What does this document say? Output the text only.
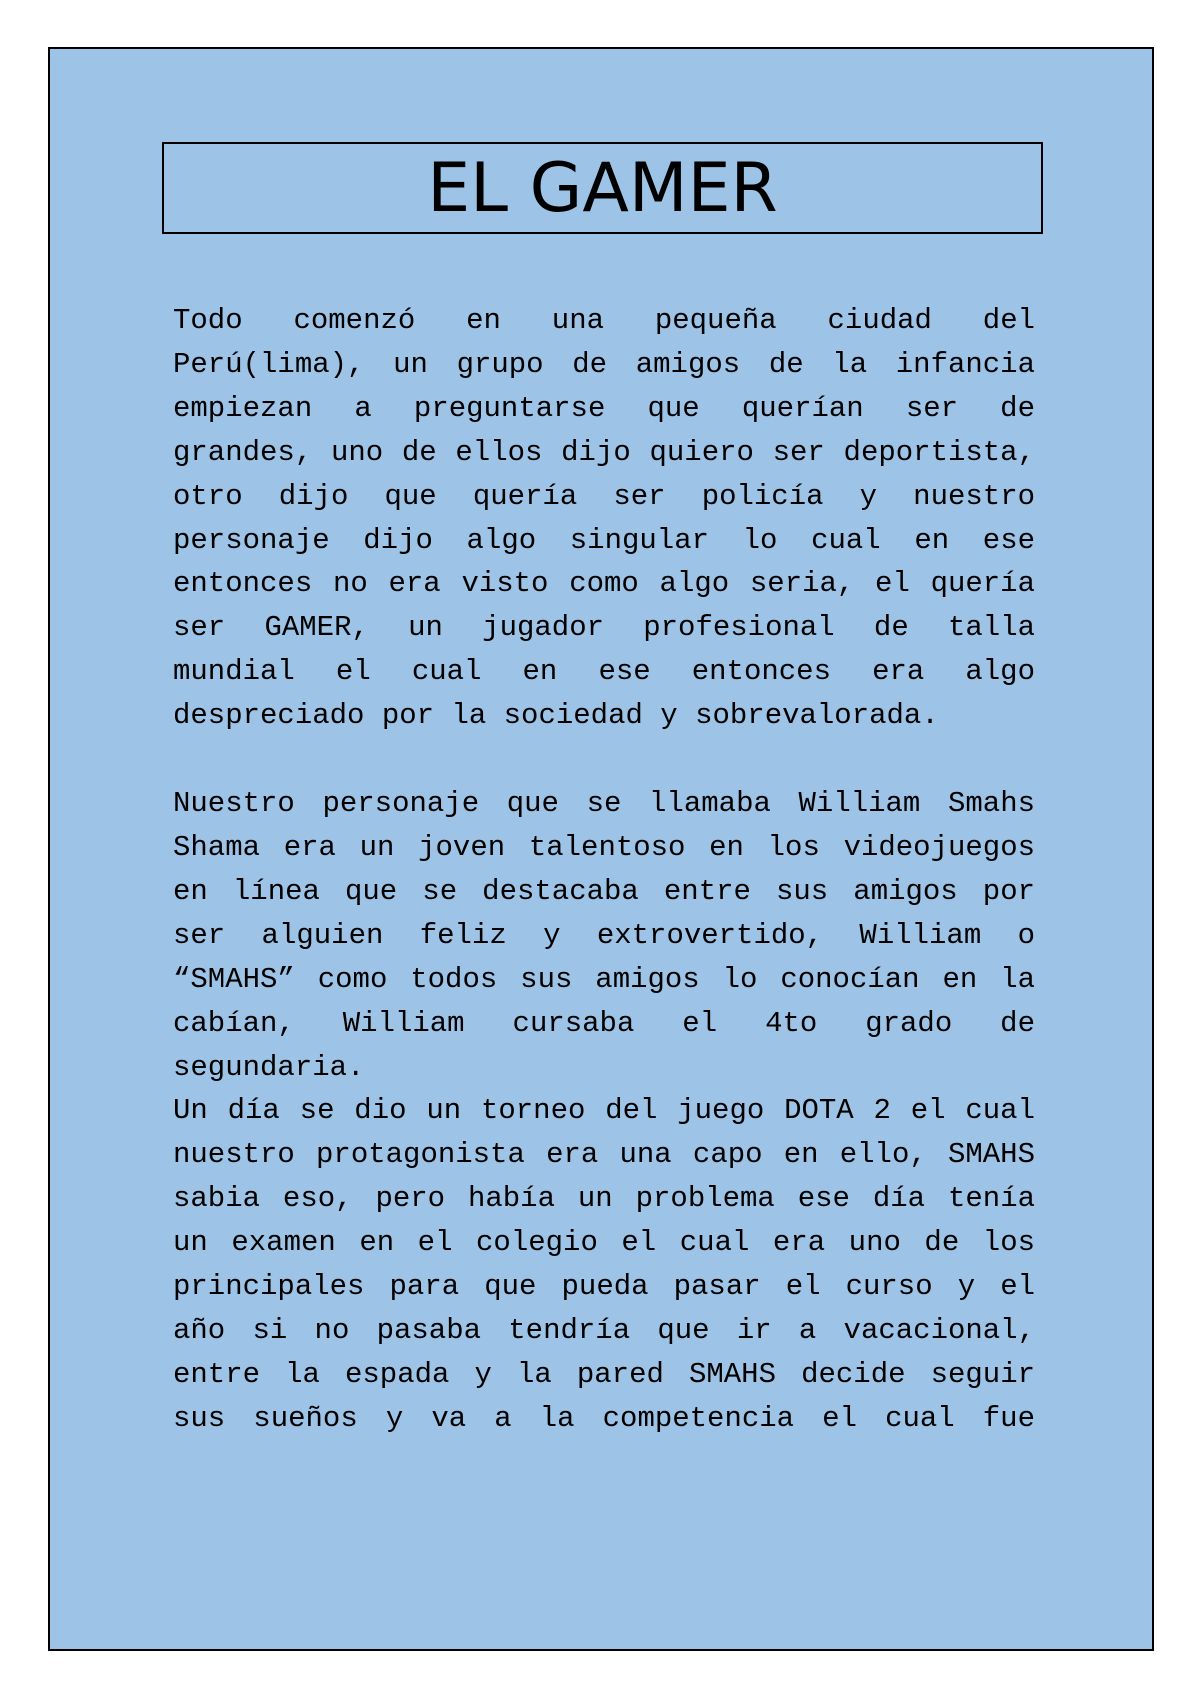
EL GAMER

Todo comenzó en una pequeña ciudad del Perú(lima), un grupo de amigos de la infancia empiezan a preguntarse que querían ser de grandes, uno de ellos dijo quiero ser deportista, otro dijo que quería ser policía y nuestro personaje dijo algo singular lo cual en ese entonces no era visto como algo seria, el quería ser GAMER, un jugador profesional de talla mundial el cual en ese entonces era algo despreciado por la sociedad y sobrevalorada.

Nuestro personaje que se llamaba William Smahs Shama era un joven talentoso en los videojuegos en línea que se destacaba entre sus amigos por ser alguien feliz y extrovertido, William o “SMAHS” como todos sus amigos lo conocían en la cabían, William cursaba el 4to grado de segundaria.

Un día se dio un torneo del juego DOTA 2 el cual nuestro protagonista era una capo en ello, SMAHS sabia eso, pero había un problema ese día tenía un examen en el colegio el cual era uno de los principales para que pueda pasar el curso y el año si no pasaba tendría que ir a vacacional, entre la espada y la pared SMAHS decide seguir sus sueños y va a la competencia el cual fue
